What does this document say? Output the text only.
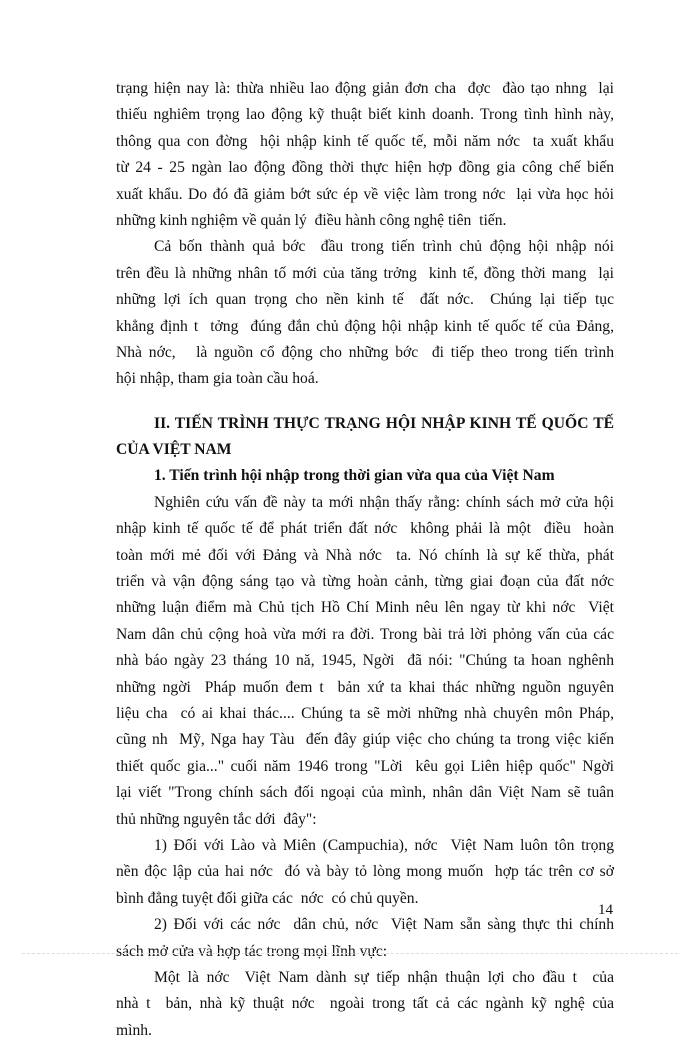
trạng hiện nay là: thừa nhiều lao động giản đơn cha  đợc  đào tạo nhng  lại
thiếu nghiêm trọng lao động kỹ thuật biết kinh doanh. Trong tình hình này,
thông qua con đờng  hội nhập kinh tế quốc tế, mỗi năm nớc  ta xuất khẩu
từ 24 - 25 ngàn lao động đồng thời thực hiện hợp đồng gia công chế biến
xuất khẩu. Do đó đã giảm bớt sức ép về việc làm trong nớc  lại vừa học hỏi
những kinh nghiệm về quản lý  điều hành công nghệ tiên  tiến.
Cả bốn thành quả bớc  đầu trong tiến trình chủ động hội nhập nói
trên đều là những nhân tố mới của tăng trởng  kinh tế, đồng thời mang  lại
những lợi ích quan trọng cho nền kinh tế  đất nớc.  Chúng lại tiếp tục
khẳng định t  tởng  đúng đắn chủ động hội nhập kinh tế quốc tế của Đảng,
Nhà nớc,   là nguồn cổ động cho những bớc  đi tiếp theo trong tiến trình
hội nhập, tham gia toàn cầu hoá.
II. TIẾN TRÌNH THỰC TRẠNG HỘI NHẬP KINH TẾ QUỐC TẾ
CỦA VIỆT NAM
1. Tiến trình hội nhập trong thời gian vừa qua của Việt Nam
Nghiên cứu vấn đề này ta mới nhận thấy rằng: chính sách mở cửa hội
nhập kinh tế quốc tế để phát triển đất nớc  không phải là một  điều  hoàn
toàn mới mẻ đối với Đảng và Nhà nớc  ta. Nó chính là sự kế thừa, phát
triển và vận động sáng tạo và từng hoàn cảnh, từng giai đoạn của đất nớc
những luận điểm mà Chủ tịch Hồ Chí Minh nêu lên ngay từ khi nớc  Việt
Nam dân chủ cộng hoà vừa mới ra đời. Trong bài trả lời phỏng vấn của các
nhà báo ngày 23 tháng 10 nă, 1945, Ngời  đã nói: "Chúng ta hoan nghênh
những ngời  Pháp muốn đem t  bản xứ ta khai thác những nguồn nguyên
liệu cha  có ai khai thác.... Chúng ta sẽ mời những nhà chuyên môn Pháp,
cũng nh  Mỹ, Nga hay Tàu  đến đây giúp việc cho chúng ta trong việc kiến
thiết quốc gia..." cuối năm 1946 trong "Lời  kêu gọi Liên hiệp quốc" Ngời
lại viết "Trong chính sách đối ngoại của mình, nhân dân Việt Nam sẽ tuân
thủ những nguyên tắc dới  đây":
1) Đối với Lào và Miên (Campuchia), nớc  Việt Nam luôn tôn trọng
nền độc lập của hai nớc  đó và bày tỏ lòng mong muốn  hợp tác trên cơ sở
bình đẳng tuyệt đối giữa các  nớc  có chủ quyền.
2) Đối với các nớc  dân chủ, nớc  Việt Nam sẵn sàng thực thi chính
sách mở cửa và hợp tác trong mọi lĩnh vực:
Một là nớc  Việt Nam dành sự tiếp nhận thuận lợi cho đầu t  của
nhà t  bản, nhà kỹ thuật nớc  ngoài trong tất cả các ngành kỹ nghệ của
mình.
14
